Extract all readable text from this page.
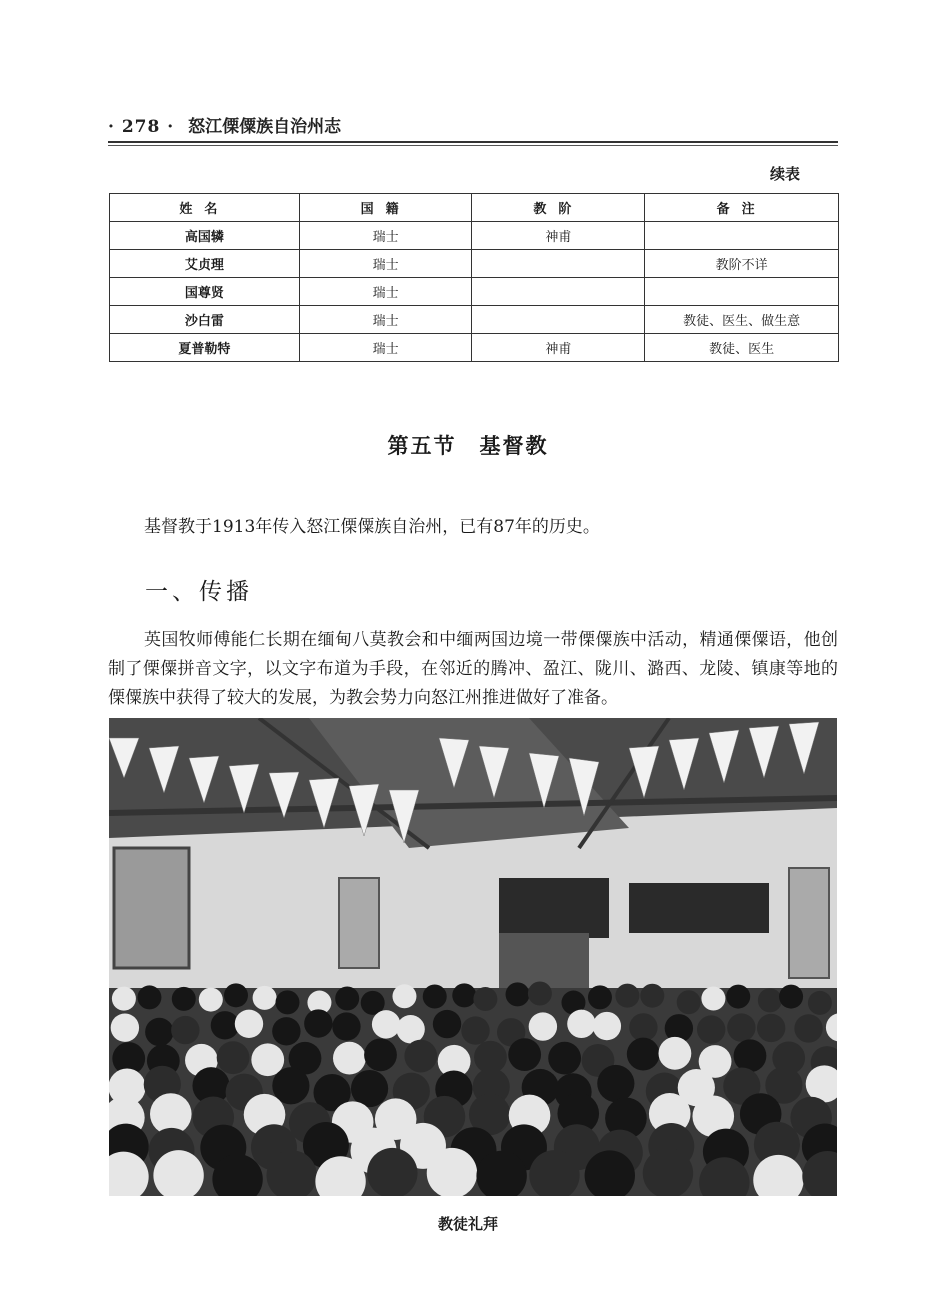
· 278 · 怒江傈僳族自治州志
续表
姓名	国籍	教阶	备注
高国辚	瑞士	神甫	
艾贞理	瑞士		教阶不详
国尊贤	瑞士		
沙白雷	瑞士		教徒、医生、做生意
夏普勒特	瑞士	神甫	教徒、医生
第五节　基督教

基督教于1913年传入怒江傈僳族自治州，已有87年的历史。

一、传播

英国牧师傅能仁长期在缅甸八莫教会和中缅两国边境一带傈僳族中活动，精通傈僳语，他创制了傈僳拼音文字，以文字布道为手段，在邻近的腾冲、盈江、陇川、潞西、龙陵、镇康等地的傈僳族中获得了较大的发展，为教会势力向怒江州推进做好了准备。

教徒礼拜
